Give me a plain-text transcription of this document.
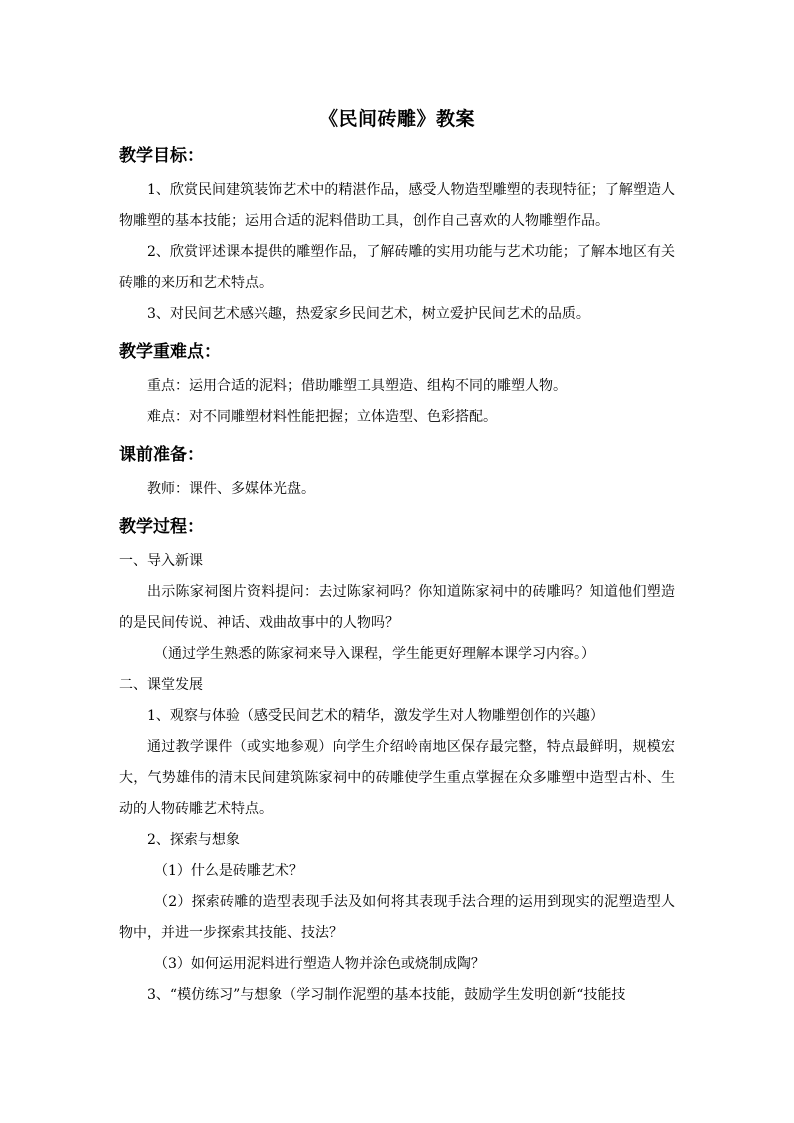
《民间砖雕》教案
教学目标：

1、欣赏民间建筑装饰艺术中的精湛作品，感受人物造型雕塑的表现特征；了解塑造人物雕塑的基本技能；运用合适的泥料借助工具，创作自己喜欢的人物雕塑作品。

2、欣赏评述课本提供的雕塑作品，了解砖雕的实用功能与艺术功能；了解本地区有关砖雕的来历和艺术特点。

3、对民间艺术感兴趣，热爱家乡民间艺术，树立爱护民间艺术的品质。

教学重难点：

重点：运用合适的泥料；借助雕塑工具塑造、组构不同的雕塑人物。

难点：对不同雕塑材料性能把握；立体造型、色彩搭配。

课前准备：

教师：课件、多媒体光盘。

教学过程：

一、导入新课

出示陈家祠图片资料提问：去过陈家祠吗？你知道陈家祠中的砖雕吗？知道他们塑造的是民间传说、神话、戏曲故事中的人物吗？

（通过学生熟悉的陈家祠来导入课程，学生能更好理解本课学习内容。）

二、课堂发展

1、观察与体验（感受民间艺术的精华，激发学生对人物雕塑创作的兴趣）

通过教学课件（或实地参观）向学生介绍岭南地区保存最完整，特点最鲜明，规模宏大，气势雄伟的清末民间建筑陈家祠中的砖雕使学生重点掌握在众多雕塑中造型古朴、生动的人物砖雕艺术特点。

2、探索与想象

（1）什么是砖雕艺术？

（2）探索砖雕的造型表现手法及如何将其表现手法合理的运用到现实的泥塑造型人物中，并进一步探索其技能、技法？

（3）如何运用泥料进行塑造人物并涂色或烧制成陶？

3、“模仿练习”与想象（学习制作泥塑的基本技能，鼓励学生发明创新“技能技
